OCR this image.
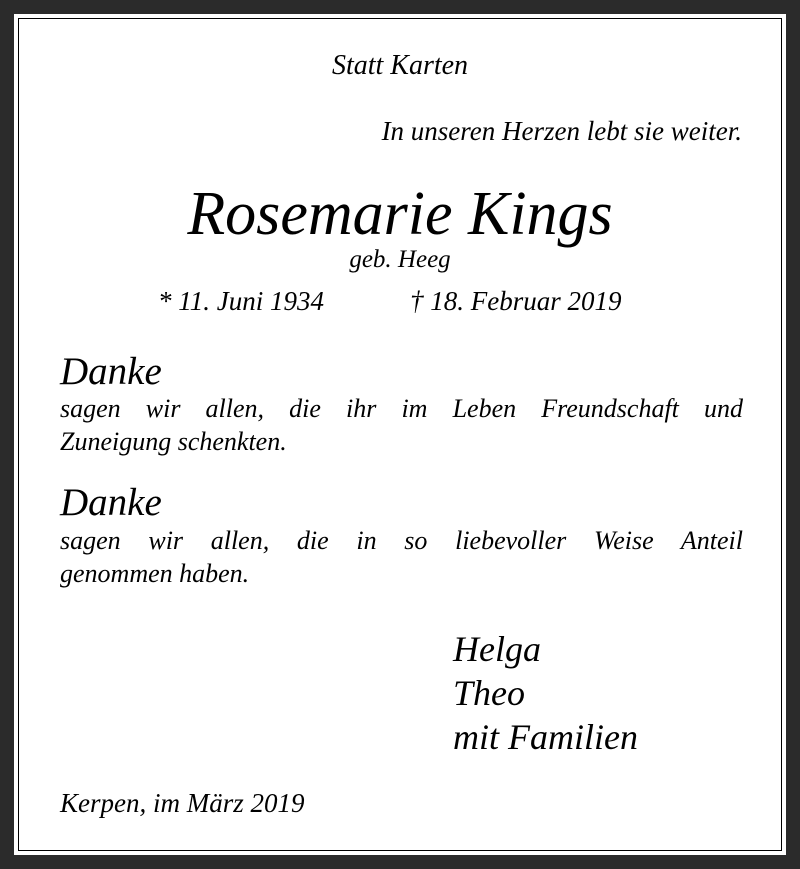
Statt Karten
In unseren Herzen lebt sie weiter.
Rosemarie Kings
geb. Heeg
* 11. Juni 1934	† 18. Februar 2019
Danke
sagen wir allen, die ihr im Leben Freundschaft und
Zuneigung schenkten.
Danke
sagen wir allen, die in so liebevoller Weise Anteil
genommen haben.
Helga
Theo
mit Familien
Kerpen, im März 2019
